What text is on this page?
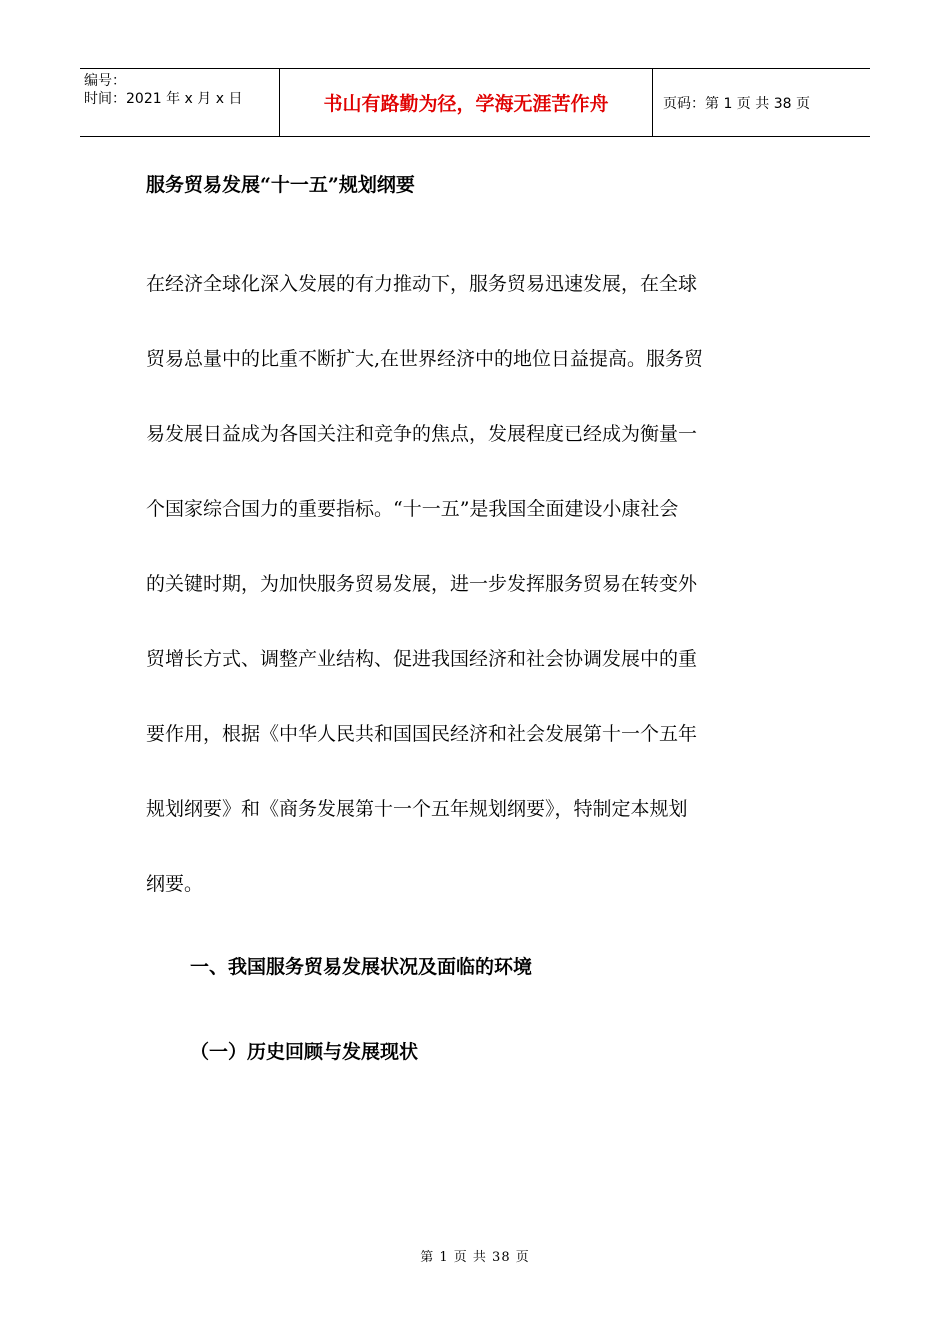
编号：
时间：2021 年 x 月 x 日	书山有路勤为径，学海无涯苦作舟	页码：第 1 页 共 38 页
服务贸易发展“十一五”规划纲要
在经济全球化深入发展的有力推动下，服务贸易迅速发展，在全球
贸易总量中的比重不断扩大,在世界经济中的地位日益提高。服务贸
易发展日益成为各国关注和竞争的焦点，发展程度已经成为衡量一
个国家综合国力的重要指标。“十一五”是我国全面建设小康社会
的关键时期，为加快服务贸易发展，进一步发挥服务贸易在转变外
贸增长方式、调整产业结构、促进我国经济和社会协调发展中的重
要作用，根据《中华人民共和国国民经济和社会发展第十一个五年
规划纲要》和《商务发展第十一个五年规划纲要》，特制定本规划
纲要。
一、我国服务贸易发展状况及面临的环境
（一）历史回顾与发展现状
第 1 页 共 38 页
